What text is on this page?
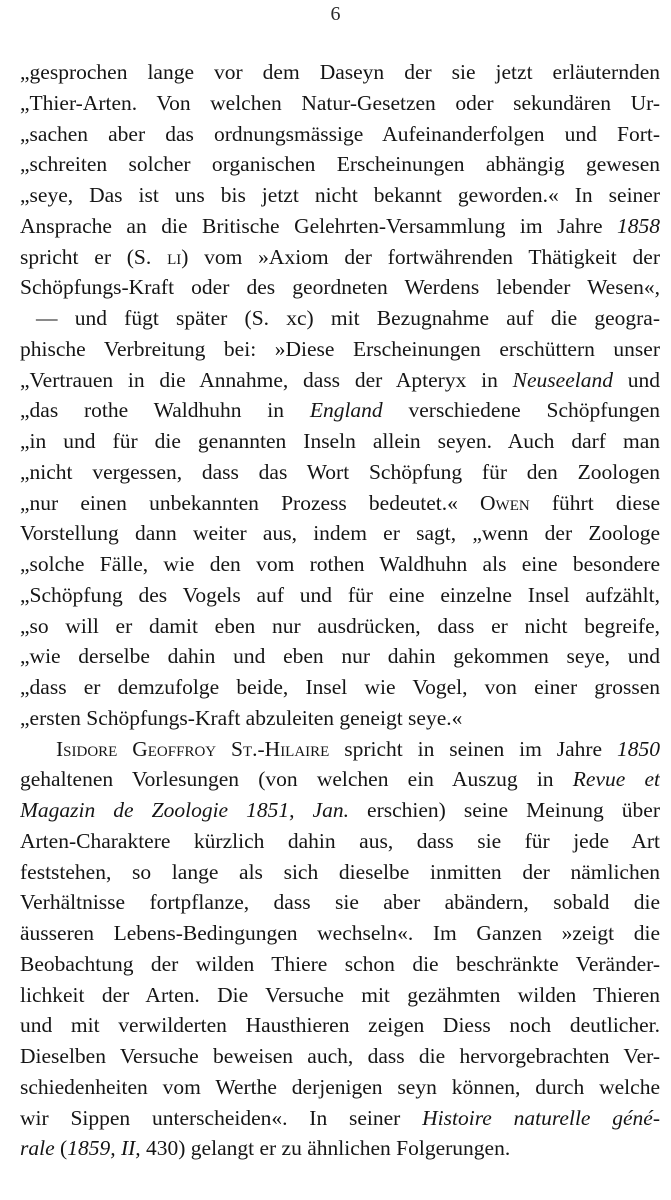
6
„gesprochen lange vor dem Daseyn der sie jetzt erläuternden
„Thier-Arten. Von welchen Natur-Gesetzen oder sekundären Ur-
„sachen aber das ordnungsmässige Aufeinanderfolgen und Fort-
„schreiten solcher organischen Erscheinungen abhängig gewesen
„seye, Das ist uns bis jetzt nicht bekannt geworden.« In seiner
Ansprache an die Britische Gelehrten-Versammlung im Jahre 1858
spricht er (S. li) vom »Axiom der fortwährenden Thätigkeit der
Schöpfungs-Kraft oder des geordneten Werdens lebender Wesen«,
— und fügt später (S. xc) mit Bezugnahme auf die geogra-
phische Verbreitung bei: »Diese Erscheinungen erschüttern unser
„Vertrauen in die Annahme, dass der Apteryx in Neuseeland und
„das rothe Waldhuhn in England verschiedene Schöpfungen
„in und für die genannten Inseln allein seyen. Auch darf man
„nicht vergessen, dass das Wort Schöpfung für den Zoologen
„nur einen unbekannten Prozess bedeutet.« Owen führt diese
Vorstellung dann weiter aus, indem er sagt, „wenn der Zoologe
„solche Fälle, wie den vom rothen Waldhuhn als eine besondere
„Schöpfung des Vogels auf und für eine einzelne Insel aufzählt,
„so will er damit eben nur ausdrücken, dass er nicht begreife,
„wie derselbe dahin und eben nur dahin gekommen seye, und
„dass er demzufolge beide, Insel wie Vogel, von einer grossen
„ersten Schöpfungs-Kraft abzuleiten geneigt seye.«
Isidore Geoffroy St.-Hilaire spricht in seinen im Jahre 1850
gehaltenen Vorlesungen (von welchen ein Auszug in Revue et
Magazin de Zoologie 1851, Jan. erschien) seine Meinung über
Arten-Charaktere kürzlich dahin aus, dass sie für jede Art
feststehen, so lange als sich dieselbe inmitten der nämlichen
Verhältnisse fortpflanze, dass sie aber abändern, sobald die
äusseren Lebens-Bedingungen wechseln«. Im Ganzen »zeigt die
Beobachtung der wilden Thiere schon die beschränkte Veränder-
lichkeit der Arten. Die Versuche mit gezähmten wilden Thieren
und mit verwilderten Hausthieren zeigen Diess noch deutlicher.
Dieselben Versuche beweisen auch, dass die hervorgebrachten Ver-
schiedenheiten vom Werthe derjenigen seyn können, durch welche
wir Sippen unterscheiden«. In seiner Histoire naturelle géné-
rale (1859, II, 430) gelangt er zu ähnlichen Folgerungen.
